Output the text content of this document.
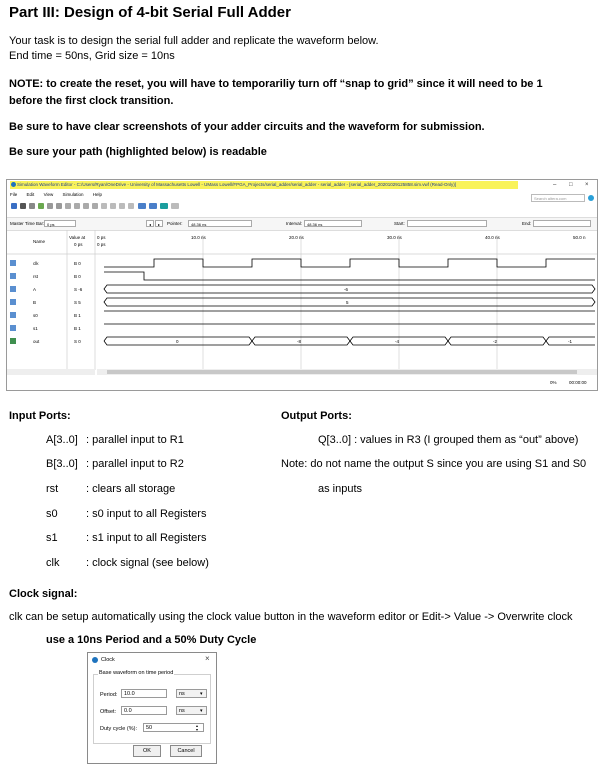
Part III: Design of 4-bit Serial Full Adder
Your task is to design the serial full adder and replicate the waveform below.
End time = 50ns, Grid size = 10ns
NOTE: to create the reset, you will have to temporariliy turn off “snap to grid” since it will need to be 1
before the first clock transition.
Be sure to have clear screenshots of your adder circuits and the waveform for submission.
Be sure your path (highlighted below) is readable
Simulation Waveform Editor - C:/Users/Ryan/OneDrive - University of Massachusetts Lowell - UMass Lowell/FPGA_Projects/serial_adder/serial_adder - serial_adder - [serial_adder_20201029125858.sim.vwf (Read-Only)]	– □ ×
File Edit View Simulation Help
Search altera.com
Master Time Bar: 0 ps	◂	▸	Pointer:	48.36 ns	Interval:	48.36 ns	Start:	End:
Name
Value at
0 ps
0 ps
0 ps
10.0 ns	20.0 ns	30.0 ns	40.0 ns	50.0 n
clk	B 0
rst	B 0
A	S -6	-6
B	S 5	5
s0	B 1
s1	B 1
out	S 0	0	-8	-4	-2	-1
0%	00:00:00
Input Ports:	Output Ports:
A[3..0] : parallel input to R1
B[3..0] : parallel input to R2
rst	: clears all storage
s0	: s0 input to all Registers
s1	: s1 input to all Registers
clk : clock signal (see below)
Q[3..0] : values in R3 (I grouped them as “out” above)
Note: do not name the output S since you are using S1 and S0
as inputs
Clock signal:
clk can be setup automatically using the clock value button in the waveform editor or Edit-> Value -> Overwrite clock
use a 10ns Period and a 50% Duty Cycle
Clock	×
Base waveform on time period
Period:	10.0	ns	▾
Offset:	0.0	ns	▾
Duty cycle (%):	50	▴
▾
OK	Cancel
